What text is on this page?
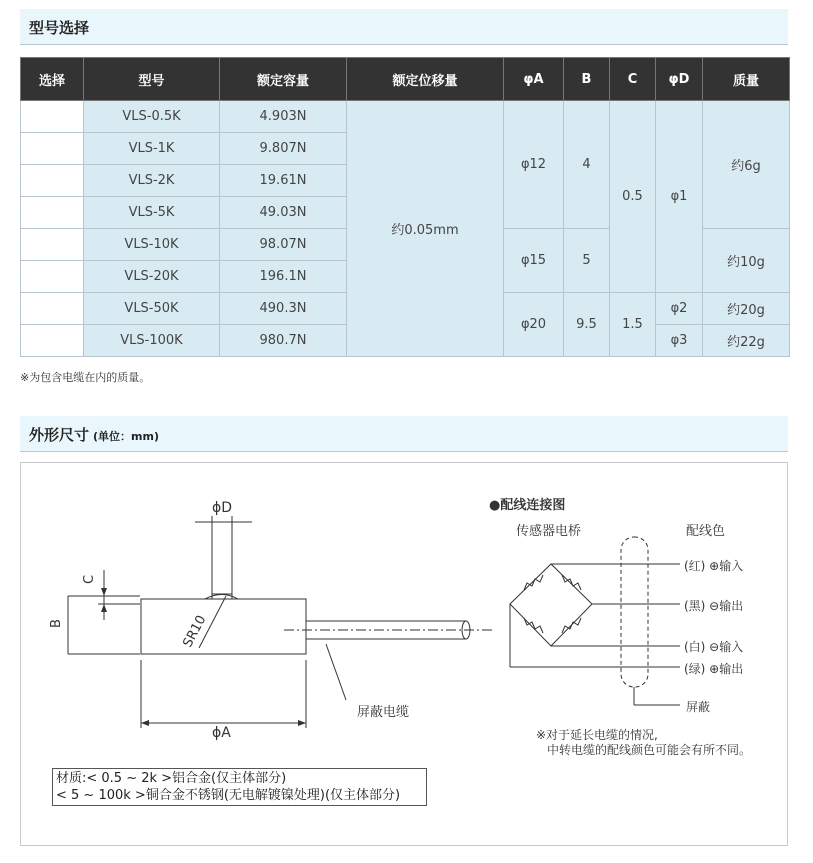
型号选择
选择	型号	额定容量	额定位移量	φA	B	C	φD	质量
	VLS-0.5K	4.903N	约0.05mm	φ12	4	0.5	φ1	约6g
	VLS-1K	9.807N						
	VLS-2K	19.61N						
	VLS-5K	49.03N						
	VLS-10K	98.07N		φ15	5			约10g
	VLS-20K	196.1N						
	VLS-50K	490.3N		φ20	9.5	1.5	φ2	约20g
	VLS-100K	980.7N					φ3	约22g
※为包含电缆在内的质量。
外形尺寸 (单位：mm)
ϕD
C
B	SR10
ϕA
屏蔽电缆
●配线连接图
传感器电桥	配线色
(红) ⊕输入
(黑) ⊖输出
(白) ⊖输入
(绿) ⊕输出
屏蔽
※对于延长电缆的情况,
中转电缆的配线颜色可能会有所不同。
材质:< 0.5 ~ 2k >铝合金(仅主体部分)
< 5 ~ 100k >铜合金不锈钢(无电解镀镍处理)(仅主体部分)
